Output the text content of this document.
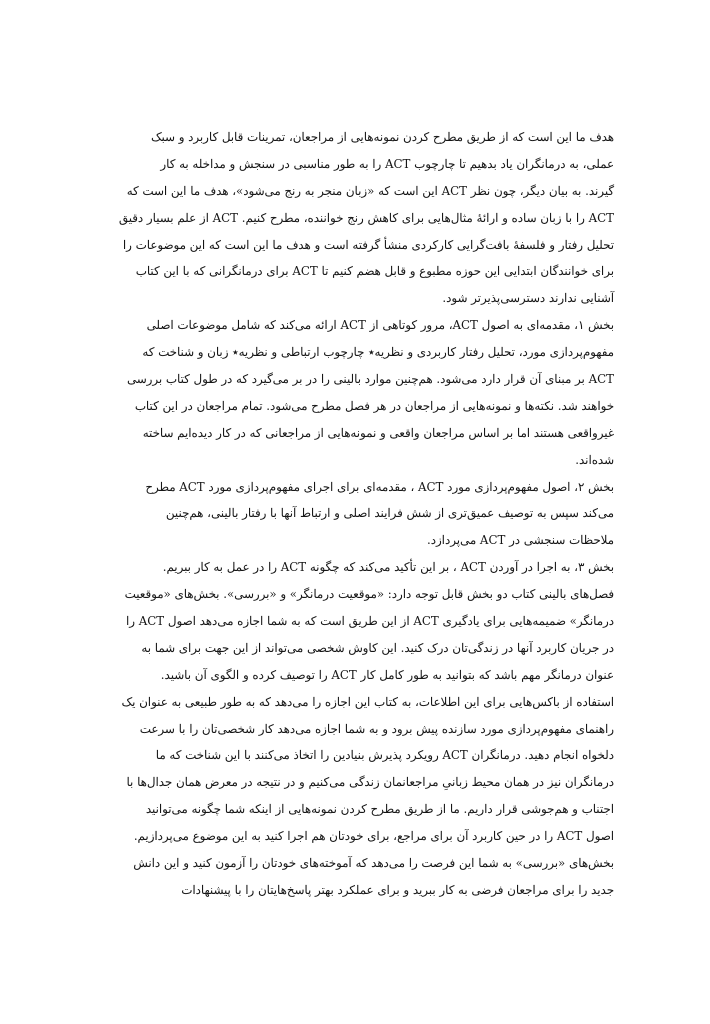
هدف ما این است که از طریق مطرح کردن نمونه‌هایی از مراجعان، تمرینات قابل کاربرد و سبک
عملی، به درمانگران یاد بدهیم تا چارچوب ACT را به طور مناسبی در سنجش و مداخله به کار
گیرند. به بیان دیگر، چون نظر ACT این است که «زبان منجر به رنج می‌شود»، هدف ما این است که
ACT را با زبان ساده و ارائهٔ مثال‌هایی برای کاهش رنج خواننده، مطرح کنیم. ACT از علم بسیار دقیق
تحلیل رفتار و فلسفهٔ بافت‌گرایی کارکردی منشأ گرفته است و هدف ما این است که این موضوعات را
برای خوانندگان ابتدایی این حوزه مطبوع و قابل هضم کنیم تا ACT برای درمانگرانی که با این کتاب
آشنایی ندارند دسترسی‌پذیرتر شود.
بخش ۱، مقدمه‌ای به اصول ACT، مرور کوتاهی از ACT ارائه می‌کند که شامل موضوعات اصلی
مفهوم‌پردازی مورد، تحلیل رفتار کاربردی و نظریه٭ چارچوب ارتباطی و نظریه٭ زبان و شناخت که
ACT بر مبنای آن قرار دارد می‌شود. هم‌چنین موارد بالینی را در بر می‌گیرد که در طول کتاب بررسی
خواهند شد. نکته‌ها و نمونه‌هایی از مراجعان در هر فصل مطرح می‌شود. تمام مراجعان در این کتاب
غیرواقعی هستند اما بر اساس مراجعان واقعی و نمونه‌هایی از مراجعانی که در کار دیده‌ایم ساخته
شده‌اند.
بخش ۲، اصول مفهوم‌پردازی مورد ACT ، مقدمه‌ای برای اجرای مفهوم‌پردازی مورد ACT مطرح
می‌کند سپس به توصیف عمیق‌تری از شش فرایند اصلی و ارتباط آنها با رفتار بالینی، هم‌چنین
ملاحظات سنجشی در ACT می‌پردازد.
بخش ۳، به اجرا در آوردن ACT ، بر این تأکید می‌کند که چگونه ACT را در عمل به کار ببریم.
فصل‌های بالینی کتاب دو بخش قابل توجه دارد: «موقعیت درمانگر» و «بررسی». بخش‌های «موقعیت
درمانگر» ضمیمه‌هایی برای یادگیری ACT از این طریق است که به شما اجازه می‌دهد اصول ACT را
در جریان کاربرد آنها در زندگی‌تان درک کنید. این کاوش شخصی می‌تواند از این جهت برای شما به
عنوان درمانگر مهم باشد که بتوانید به طور کامل کار ACT را توصیف کرده و الگوی آن باشید.
استفاده از باکس‌هایی برای این اطلاعات، به کتاب این اجازه را می‌دهد که به طور طبیعی به عنوان یک
راهنمای مفهوم‌پردازی مورد سازنده پیش برود و به شما اجازه می‌دهد کار شخصی‌تان را با سرعت
دلخواه انجام دهید. درمانگران ACT رویکرد پذیرش بنیادین را اتخاذ می‌کنند با این شناخت که ما
درمانگران نیز در همان محیط زبانیِ مراجعانمان زندگی می‌کنیم و در نتیجه در معرض همان جدال‌ها با
اجتناب و هم‌جوشی قرار داریم. ما از طریق مطرح کردن نمونه‌هایی از اینکه شما چگونه می‌توانید
اصول ACT را در حین کاربرد آن برای مراجع، برای خودتان هم اجرا کنید به این موضوع می‌پردازیم.
بخش‌های «بررسی» به شما این فرصت را می‌دهد که آموخته‌های خودتان را آزمون کنید و این دانش
جدید را برای مراجعان فرضی به کار ببرید و برای عملکرد بهتر پاسخ‌هایتان را با پیشنهادات
